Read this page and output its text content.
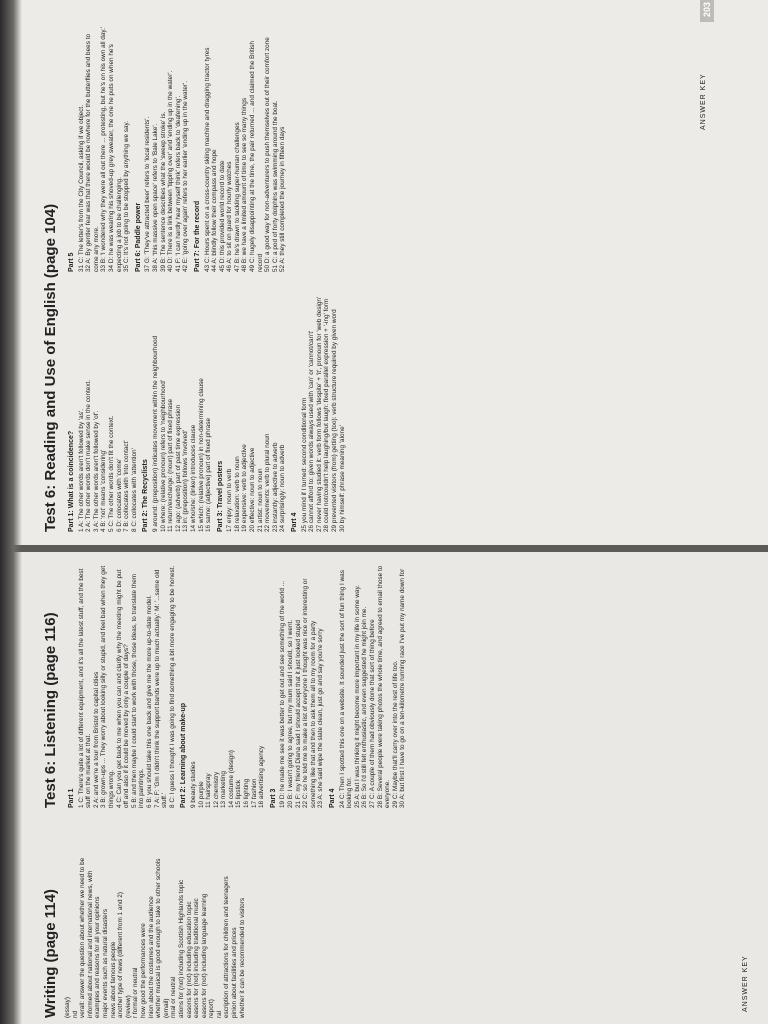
Test 6: Reading and Use of English (page 104) Part 1: What is a coincidence? 1 A: The other words aren't followed by 'as'. 2 A: The other words don't make sense in the context. 3 A: The other words aren't followed by 'of'. 4 B: 'not' means 'considering' 5 C: The other words don't fit the context. 6 D: colocates with 'come' 7 B: collocates with 'into contact' 8 C: collocates with 'attention' Part 2: The Recyclists 9 around: (preposition) indicates movement within the neighbourhood 10 where: (relative pronoun) refers to 'neighbourhood' 11 return/exchange: (noun) part of fixed phrase 12 ago: (adverb) part of past time expression 13 in: (preposition) follows 'involved' 14 who/she: (linker) introduces clause 15 which: (relative pronoun) in non-determining clause 16 same: (adjective) part of fixed phrase Part 3: Travel posters 17 enjoy: noun to verb 18 relaxation: verb to noun 19 expensive: verb to adjective 20 effective: noun to adjective 21 artist: noun to noun 22 movements: verb to plural noun 23 instantly: adjective to adverb 24 surprisingly: noun to adverb Part 4 25 you mind if I turned: second conditional form 26 cannot afford to: given words always used with 'can' or 'cannot/can't' 27 never having studied it: verb form follows 'despite' + 'it', pronoun for 'web design' 28 could not/couldn't help laughing/but laugh: fixed parallel expression + '-ing' form 29 prevented visitors (from) getting (too): verb structure required by given word 30 by himself: phrase meaning 'alone'
Part 5 31 C: The letter's from the City Council, asking if we object. 32 A: By gentler fear was that there would be nowhere for the butterflies and bees to come any more. 33 B: 'I wondered why they were all out there ... protesting, but he's on his own all day.' 34 D: he was wearing his shoved-up grey sweater, the one he puts on when he's expecting a job to be challenging. 35 C: It's not going to be stopped by anything we say. Part 6: Paddle power 37 G: 'They've attracted beer' refers to 'local residents'. 38 A: 'this massive open space' refers to 'Bale Lake'. 39 B: The sentence describes what the 'sweep stroke' is. 40 D: There is a link between 'tipping over' and 'ending up in the water'. 41 F: 'I can hardly hear myself think' refers back to 'deafening'. 42 E: 'going over again' refers to her earlier 'ending up in the water'. Part 7: For the record 43 C: Hours spent on a cross-country skiing machine and dragging tractor tyres 44 A: blindly follow their compass and hope 45 D: this provided world record to date 46 A: to sit on guard for hourly watches 47 B: he's drawn to tackling super-human challenges 48 B: we have a limited amount of time to see so many things 49 C: hugely disappointing at the time, the pair returned ... and claimed the British record 50 D: a good way for non-adventurers to push themselves out of their comfort zone 51 C: a pod of forty dolphins was swimming around the boat. 52 A: they still completed the journey in fifteen days
ANSWER KEY
203
Writing (page 114) (essay) nd verall: answer the question about whether we need to be informed about national and international news, with examples and reasons for all your opinions major events such as natural disasters news about famous people another type of news (different from 1 and 2) (review) r formal or neutral how good the performances were inion about the costumes and the audience whether musical is good enough to take to other schools (email) rmal or neutral ations for (not) including Scottish Highlands topic easons for (not) including education topic easons for (not) including traditional music easons for (not) including language learning report) ral escription of attractions for children and teenagers pinion about facilities and prices whether it can be recommended to visitors
Test 6: Listening (page 116) Part 1 1 C: There's quite a lot of different equipment, and it's all the latest stuff, and the best stuff on the market at that. 2 A: and we're a tour from Bristol to capital cities 3 B: grown-ups ... They worry about looking silly or stupid, and feel bad when they get things wrong. 4 C: Can you get back to me when you can and clarify why the meeting might be put off and also if it could be moved by only a couple of days? 5 B: and then maybe I could start to work with those, those ideas, to translate them into paintings. 6 B: you should take this one back and give me the more up-to-date model. 7 A: F: 'Gm I didn't think the support bands were up to much actually.' M: '...same old stuff.' 8 C: I guess I thought I was going to find something a bit more engaging to be honest. Part 2: Learning about make-up 9 beauty studies 10 purple 11 hairspray 12 chemistry 13 marketing 14 costume (design) 15 lipstick 16 lighting 17 fashion 18 advertising agency Part 3 19 D: he made me see it was better to get out and see something of the world ... 20 B: I wasn't going to agree, but my mum said I should, so I went. 21 F: my friend Diana said I should accept that it just looked stupid 22 C: so he told me to make a list of everyone I thought was nice or interesting or something like that and then to ask them all to my room for a party 23 A: she said wipe the slate clean, just go and say you're sorry Part 4 24 C: Then I spotted this one on a website. It sounded just the sort of fun thing I was looking for. 25 A: but I was thinking it might become more important in my life in some way. 26 B: So I'd still felt enthusiastic, and even suggested he might join me. 27 C: A couple of them had obviously done that sort of thing before 28 B: Several people were taking photos the whole time, and agreed to email those to everyone. 29 C: Maybe that'll carry over into the rest of life too. 30 A: but first I have to go on a ten-kilometre running race I've put my name down for
ANSWER KEY
